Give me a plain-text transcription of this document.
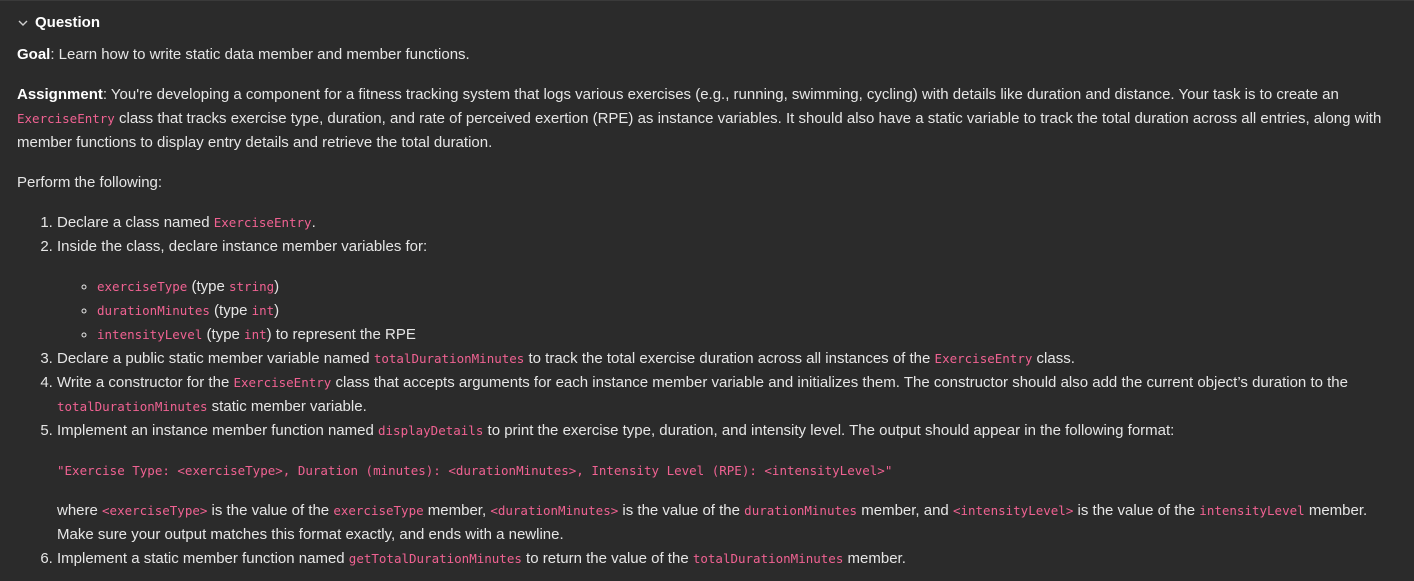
Question

Goal: Learn how to write static data member and member functions.

Assignment: You're developing a component for a fitness tracking system that logs various exercises (e.g., running, swimming, cycling) with details like duration and distance. Your task is to create an ExerciseEntry class that tracks exercise type, duration, and rate of perceived exertion (RPE) as instance variables. It should also have a static variable to track the total duration across all entries, along with member functions to display entry details and retrieve the total duration.

Perform the following:

1. Declare a class named ExerciseEntry.
2. Inside the class, declare instance member variables for:
◦ exerciseType (type string)
◦ durationMinutes (type int)
◦ intensityLevel (type int) to represent the RPE
3. Declare a public static member variable named totalDurationMinutes to track the total exercise duration across all instances of the ExerciseEntry class.
4. Write a constructor for the ExerciseEntry class that accepts arguments for each instance member variable and initializes them. The constructor should also add the current object’s duration to the totalDurationMinutes static member variable.
5. Implement an instance member function named displayDetails to print the exercise type, duration, and intensity level. The output should appear in the following format:

"Exercise Type: <exerciseType>, Duration (minutes): <durationMinutes>, Intensity Level (RPE): <intensityLevel>"

where <exerciseType> is the value of the exerciseType member, <durationMinutes> is the value of the durationMinutes member, and <intensityLevel> is the value of the intensityLevel member. Make sure your output matches this format exactly, and ends with a newline.
6. Implement a static member function named getTotalDurationMinutes to return the value of the totalDurationMinutes member.
